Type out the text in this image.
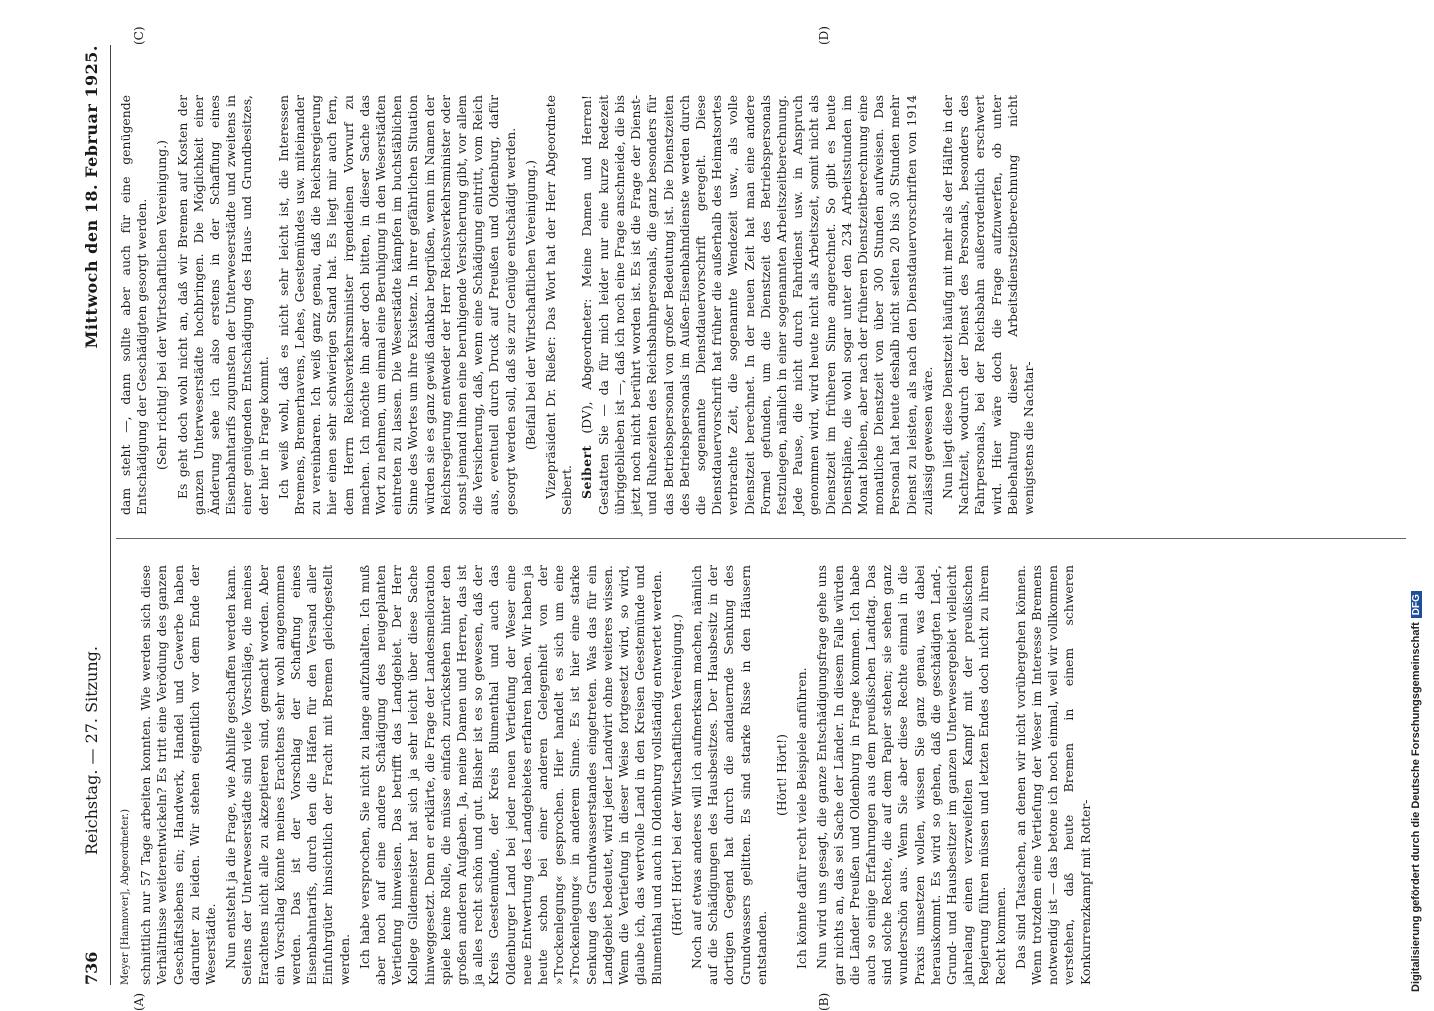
736
Reichstag. — 27. Sitzung.
Mittwoch den 18. Februar 1925.
(A)	(B)
(C)	(D)

Meyer [Hannover], Abgeordneter.) schnittlich nur 57 Tage arbeiten konnten. Wie werden sich diese Verhältnisse weiterentwickeln? Es tritt eine Verödung des ganzen Geschäftslebens ein; Handwerk, Handel und Gewerbe haben darunter zu leiden. Wir stehen eigentlich vor dem Ende der Weserstädte. Nun entsteht ja die Frage, wie Abhilfe geschaffen werden kann. Seitens der Unterweserstädte sind viele Vorschläge, die meines Erachtens nicht alle zu akzeptieren sind, gemacht worden. Aber ein Vorschlag könnte meines Erachtens sehr wohl angenommen werden. Das ist der Vorschlag der Schaffung eines Eisenbahntarifs, durch den die Häfen für den Versand aller Einfuhrgüter hinsichtlich der Fracht mit Bremen gleichgestellt werden. Ich habe versprochen, Sie nicht zu lange aufzuhalten. Ich muß aber noch auf eine andere Schädigung des neugeplanten Vertiefung hinweisen. Das betrifft das Landgebiet. Der Herr Kollege Gildemeister hat sich ja sehr leicht über diese Sache hinweggesetzt. Denn er erklärte, die Frage der Landesmelioration spiele keine Rolle, die müsse einfach zurückstehen hinter den großen anderen Aufgaben. Ja, meine Damen und Herren, das ist ja alles recht schön und gut. Bisher ist es so gewesen, daß der Kreis Geestemünde, der Kreis Blumenthal und auch das Oldenburger Land bei jeder neuen Vertiefung der Weser eine neue Entwertung des Landgebietes erfahren haben. Wir haben ja heute schon bei einer anderen Gelegenheit von der »Trockenlegung« gesprochen. Hier handelt es sich um eine »Trockenlegung« in anderem Sinne. Es ist hier eine starke Senkung des Grundwasserstandes eingetreten. Was das für ein Landgebiet bedeutet, wird jeder Landwirt ohne weiteres wissen. Wenn die Vertiefung in dieser Weise fortgesetzt wird, so wird, glaube ich, das wertvolle Land in den Kreisen Geestemünde und Blumenthal und auch in Oldenburg vollständig entwertet werden. (Hört! Hört! bei der Wirtschaftlichen Vereinigung.) Noch auf etwas anderes will ich aufmerksam machen, nämlich auf die Schädigungen des Hausbesitzes. Der Hausbesitz in der dortigen Gegend hat durch die andauernde Senkung des Grundwassers gelitten. Es sind starke Risse in den Häusern entstanden.

(Hört! Hört!) Ich könnte dafür recht viele Beispiele anführen. Nun wird uns gesagt, die ganze Entschädigungsfrage gehe uns gar nichts an, das sei Sache der Länder. In diesem Falle würden die Länder Preußen und Oldenburg in Frage kommen. Ich habe auch so einige Erfahrungen aus dem preußischen Landtag. Das sind solche Rechte, die auf dem Papier stehen; sie sehen ganz wunderschön aus. Wenn Sie aber diese Rechte einmal in die Praxis umsetzen wollen, wissen Sie ganz genau, was dabei herauskommt. Es wird so gehen, daß die geschädigten Land-, Grund- und Hausbesitzer im ganzen Unterwesergebiet vielleicht jahrelang einen verzweifelten Kampf mit der preußischen Regierung führen müssen und letzten Endes doch nicht zu ihrem Recht kommen. Das sind Tatsachen, an denen wir nicht vorübergehen können. Wenn trotzdem eine Vertiefung der Weser im Interesse Bremens notwendig ist — das betone ich noch einmal, weil wir vollkommen verstehen, daß heute Bremen in einem schweren Konkurrenzkampf mit Rotter-

dam steht —, dann sollte aber auch für eine genügende Entschädigung der Geschädigten gesorgt werden. (Sehr richtig! bei der Wirtschaftlichen Vereinigung.) Es geht doch wohl nicht an, daß wir Bremen auf Kosten der ganzen Unterweserstädte hochbringen. Die Möglichkeit einer Änderung sehe ich also erstens in der Schaffung eines Eisenbahntarifs zugunsten der Unterweserstädte und zweitens in einer genügenden Entschädigung des Haus- und Grundbesitzes, der hier in Frage kommt. Ich weiß wohl, daß es nicht sehr leicht ist, die Interessen Bremens, Bremerhavens, Lehes, Geestemündes usw. miteinander zu vereinbaren. Ich weiß ganz genau, daß die Reichsregierung hier einen sehr schwierigen Stand hat. Es liegt mir auch fern, dem Herrn Reichsverkehrsminister irgendeinen Vorwurf zu machen. Ich möchte ihn aber doch bitten, in dieser Sache das Wort zu nehmen, um einmal eine Beruhigung in den Weserstädten eintreten zu lassen. Die Weserstädte kämpfen im buchstäblichen Sinne des Wortes um ihre Existenz. In ihrer gefährlichen Situation würden sie es ganz gewiß dankbar begrüßen, wenn im Namen der Reichsregierung entweder der Herr Reichsverkehrsminister oder sonst jemand ihnen eine beruhigende Versicherung gibt, vor allem die Versicherung, daß, wenn eine Schädigung eintritt, vom Reich aus, eventuell durch Druck auf Preußen und Oldenburg, dafür gesorgt werden soll, daß sie zur Genüge entschädigt werden. (Beifall bei der Wirtschaftlichen Vereinigung.) Vizepräsident Dr. Rießer: Das Wort hat der Herr Abgeordnete Seibert. Seibert (DV), Abgeordneter: Meine Damen und Herren! Gestatten Sie — da für mich leider nur eine kurze Redezeit übriggeblieben ist —, daß ich noch eine Frage anschneide, die bis jetzt noch nicht berührt worden ist. Es ist die Frage der Dienst- und Ruhezeiten des Reichsbahnpersonals, die ganz besonders für das Betriebspersonal von großer Bedeutung ist. Die Dienstzeiten des Betriebspersonals im Außen-Eisenbahndienste werden durch die sogenannte Dienstdauervorschrift geregelt. Diese Dienstdauervorschrift hat früher die außerhalb des Heimatsortes verbrachte Zeit, die sogenannte Wendezeit usw., als volle Dienstzeit berechnet. In der neuen Zeit hat man eine andere Formel gefunden, um die Dienstzeit des Betriebspersonals festzulegen, nämlich in einer sogenannten Arbeitszeitberechnung. Jede Pause, die nicht durch Fahrdienst usw. in Anspruch genommen wird, wird heute nicht als Arbeitszeit, somit nicht als Dienstzeit im früheren Sinne angerechnet. So gibt es heute Dienstpläne, die wohl sogar unter den 234 Arbeitsstunden im Monat bleiben, aber nach der früheren Dienstzeitberechnung eine monatliche Dienstzeit von über 300 Stunden aufweisen. Das Personal hat heute deshalb nicht selten 20 bis 30 Stunden mehr Dienst zu leisten, als nach den Dienstdauervorschriften von 1914 zulässig gewesen wäre. Nun liegt diese Dienstzeit häufig mit mehr als der Hälfte in der Nachtzeit, wodurch der Dienst des Personals, besonders des Fahrpersonals, bei der Reichsbahn außerordentlich erschwert wird. Hier wäre doch die Frage aufzuwerfen, ob unter Beibehaltung dieser Arbeitsdienstzeitberechnung nicht wenigstens die Nachtar-

Digitalisierung gefördert durch die Deutsche ForschungsgemeinschaftDFG
